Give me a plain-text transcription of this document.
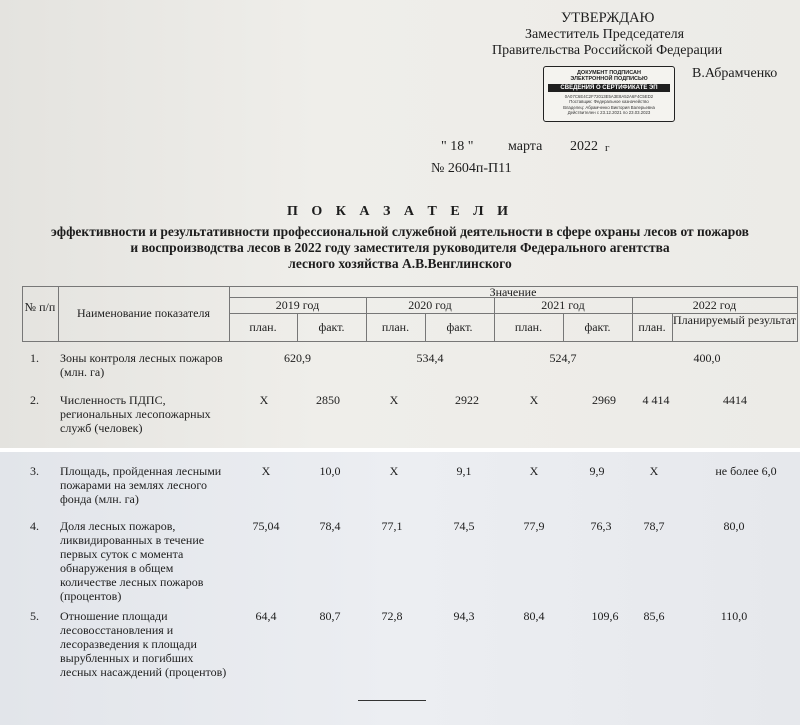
УТВЕРЖДАЮ
Заместитель Председателя
Правительства Российской Федерации
В.Абрамченко
ДОКУМЕНТ ПОДПИСАН
ЭЛЕКТРОННОЙ ПОДПИСЬЮ
СВЕДЕНИЯ О СЕРТИФИКАТЕ ЭП
0A07C6E4C2F72013E5A3E8A52A6F4C5ED2
Поставщик: Федеральное казначейство
Владелец: Абрамченко Виктория Валерьевна
Действителен с 23.12.2021 по 23.03.2023
" 18 " марта 2022 г
№ 2604п-П11
П О К А З А Т Е Л И
эффективности и результативности профессиональной служебной деятельности в сфере охраны лесов от пожаров
и воспроизводства лесов в 2022 году заместителя руководителя Федерального агентства
лесного хозяйства А.В.Венглинского
№ п/п	Наименование показателя
Значение
2019 год	2020 год	2021 год	2022 год
план.	факт.	план.	факт.	план.	факт.	план. Планируемый результат
1. Зоны контроля лесных пожаров (млн. га)
620,9	534,4	524,7	400,0
2. Численность ПДПС, региональных лесопожарных служб (человек)
Х	2850	Х	2922	Х	2969	4 414	4414
3. Площадь, пройденная лесными пожарами на землях лесного фонда (млн. га)
Х	10,0	Х	9,1	Х	9,9	Х	не более 6,0
4. Доля лесных пожаров, ликвидированных в течение первых суток с момента обнаружения в общем количестве лесных пожаров (процентов)
75,04	78,4	77,1	74,5	77,9	76,3	78,7	80,0
5. Отношение площади лесовосстановления и лесоразведения к площади вырубленных и погибших лесных насаждений (процентов)
64,4	80,7	72,8	94,3	80,4	109,6	85,6	110,0
